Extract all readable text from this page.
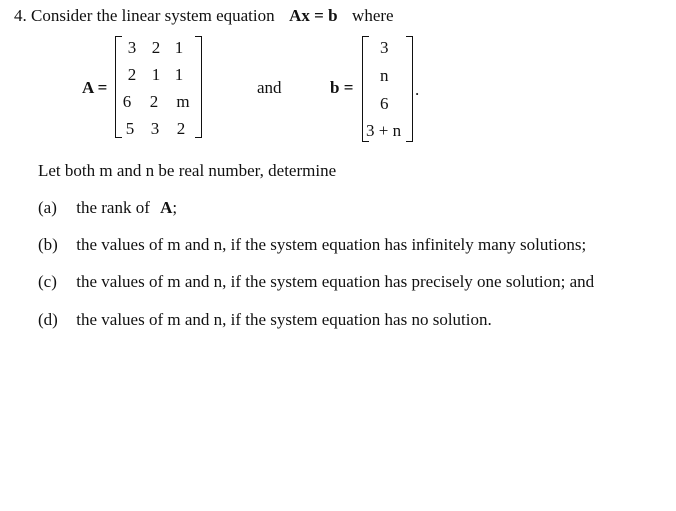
4. Consider the linear system equation Ax = b where
A =
3 2 1
2 1 1
6	2	m
5 3	2
and	b =
3
n
6
3 + n
.
Let both m and n be real number, determine
(a) the rank of A;
(b) the values of m and n, if the system equation has infinitely many solutions;
(c) the values of m and n, if the system equation has precisely one solution; and
(d) the values of m and n, if the system equation has no solution.
